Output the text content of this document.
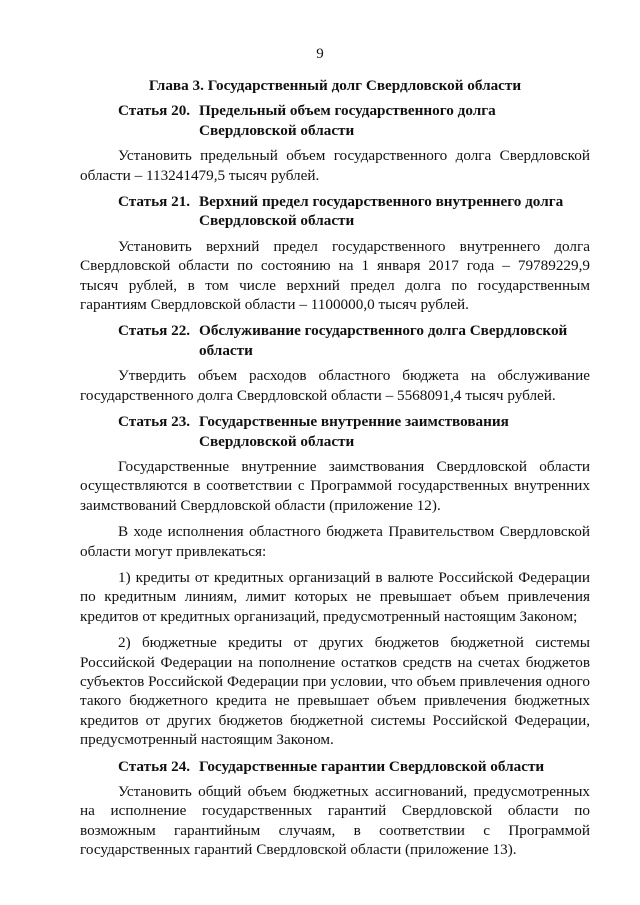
9
Глава 3. Государственный долг Свердловской области
Статья 20. Предельный объем государственного долга Свердловской области

Установить предельный объем государственного долга Свердловской области – 113241479,5 тысяч рублей.

Статья 21. Верхний предел государственного внутреннего долга Свердловской области

Установить верхний предел государственного внутреннего долга Свердловской области по состоянию на 1 января 2017 года – 79789229,9 тысяч рублей, в том числе верхний предел долга по государственным гарантиям Свердловской области – 1100000,0 тысяч рублей.

Статья 22. Обслуживание государственного долга Свердловской области

Утвердить объем расходов областного бюджета на обслуживание государственного долга Свердловской области – 5568091,4 тысяч рублей.

Статья 23. Государственные внутренние заимствования Свердловской области

Государственные внутренние заимствования Свердловской области осуществляются в соответствии с Программой государственных внутренних заимствований Свердловской области (приложение 12).

В ходе исполнения областного бюджета Правительством Свердловской области могут привлекаться:

1) кредиты от кредитных организаций в валюте Российской Федерации по кредитным линиям, лимит которых не превышает объем привлечения кредитов от кредитных организаций, предусмотренный настоящим Законом;

2) бюджетные кредиты от других бюджетов бюджетной системы Российской Федерации на пополнение остатков средств на счетах бюджетов субъектов Российской Федерации при условии, что объем привлечения одного такого бюджетного кредита не превышает объем привлечения бюджетных кредитов от других бюджетов бюджетной системы Российской Федерации, предусмотренный настоящим Законом.

Статья 24. Государственные гарантии Свердловской области

Установить общий объем бюджетных ассигнований, предусмотренных на исполнение государственных гарантий Свердловской области по возможным гарантийным случаям, в соответствии с Программой государственных гарантий Свердловской области (приложение 13).
